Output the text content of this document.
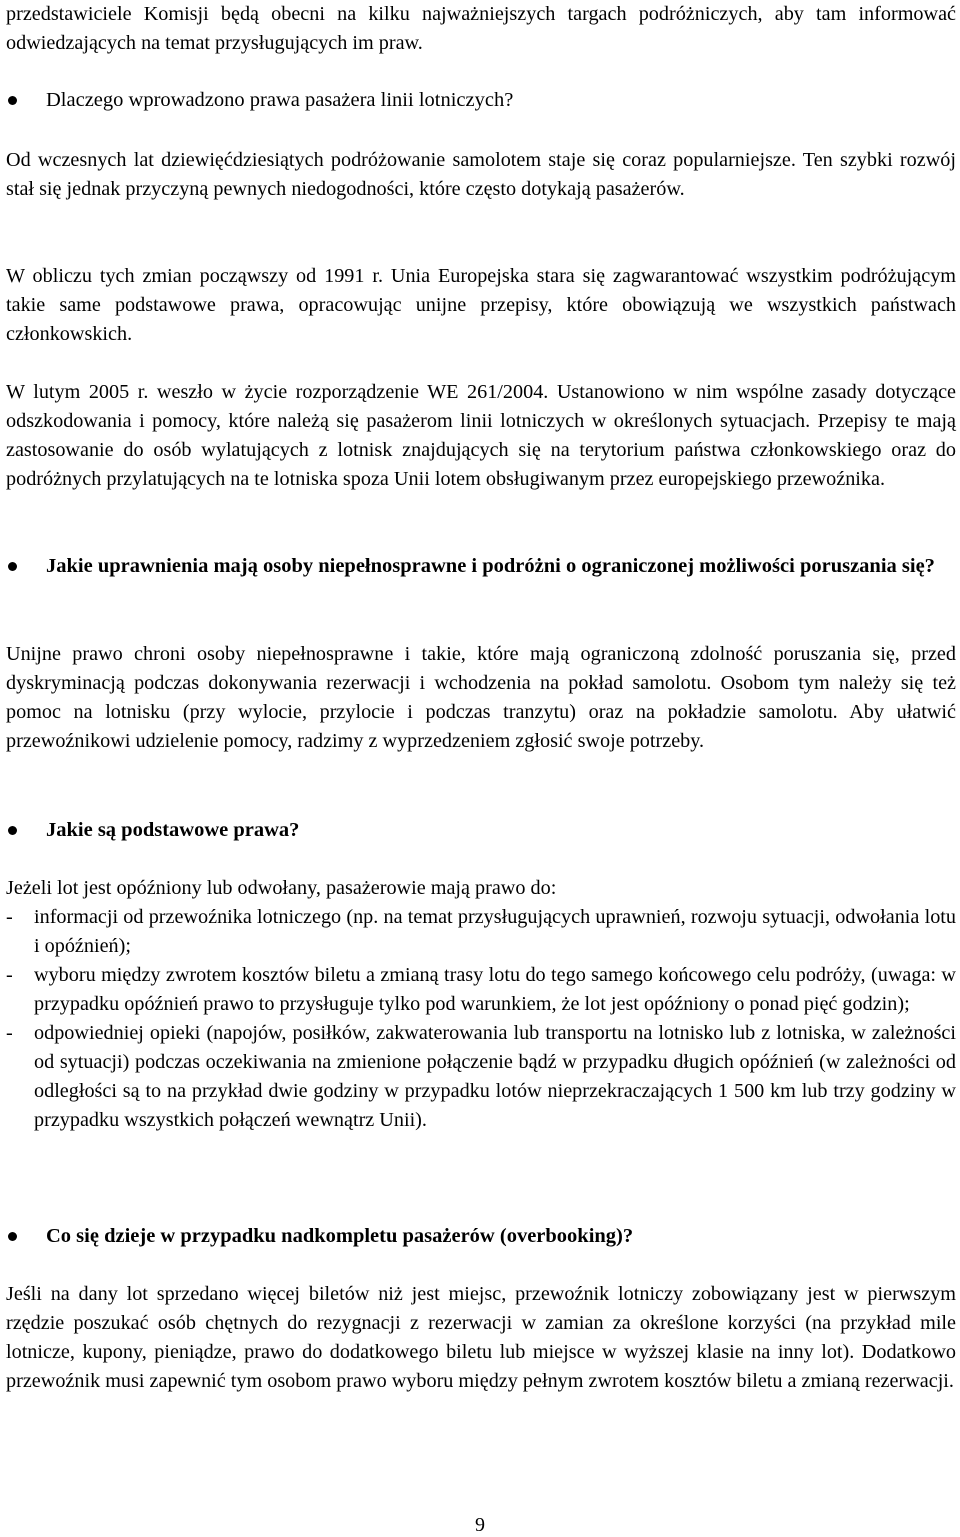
przedstawiciele Komisji będą obecni na kilku najważniejszych targach podróżniczych, aby tam informować odwiedzających na temat przysługujących im praw.

Dlaczego wprowadzono prawa pasażera linii lotniczych?

Od wczesnych lat dziewięćdziesiątych podróżowanie samolotem staje się coraz popularniejsze. Ten szybki rozwój stał się jednak przyczyną pewnych niedogodności, które często dotykają pasażerów.

W obliczu tych zmian począwszy od 1991 r. Unia Europejska stara się zagwarantować wszystkim podróżującym takie same podstawowe prawa, opracowując unijne przepisy, które obowiązują we wszystkich państwach członkowskich.

W lutym 2005 r. weszło w życie rozporządzenie WE 261/2004. Ustanowiono w nim wspólne zasady dotyczące odszkodowania i pomocy, które należą się pasażerom linii lotniczych w określonych sytuacjach. Przepisy te mają zastosowanie do osób wylatujących z lotnisk znajdujących się na terytorium państwa członkowskiego oraz do podróżnych przylatujących na te lotniska spoza Unii lotem obsługiwanym przez europejskiego przewoźnika.

Jakie uprawnienia mają osoby niepełnosprawne i podróżni o ograniczonej możliwości poruszania się?

Unijne prawo chroni osoby niepełnosprawne i takie, które mają ograniczoną zdolność poruszania się, przed dyskryminacją podczas dokonywania rezerwacji i wchodzenia na pokład samolotu. Osobom tym należy się też pomoc na lotnisku (przy wylocie, przylocie i podczas tranzytu) oraz na pokładzie samolotu. Aby ułatwić przewoźnikowi udzielenie pomocy, radzimy z wyprzedzeniem zgłosić swoje potrzeby.

Jakie są podstawowe prawa?

Jeżeli lot jest opóźniony lub odwołany, pasażerowie mają prawo do:

- informacji od przewoźnika lotniczego (np. na temat przysługujących uprawnień, rozwoju sytuacji, odwołania lotu i opóźnień);
- wyboru między zwrotem kosztów biletu a zmianą trasy lotu do tego samego końcowego celu podróży, (uwaga: w przypadku opóźnień prawo to przysługuje tylko pod warunkiem, że lot jest opóźniony o ponad pięć godzin);
- odpowiedniej opieki (napojów, posiłków, zakwaterowania lub transportu na lotnisko lub z lotniska, w zależności od sytuacji) podczas oczekiwania na zmienione połączenie bądź w przypadku długich opóźnień (w zależności od odległości są to na przykład dwie godziny w przypadku lotów nieprzekraczających 1 500 km lub trzy godziny w przypadku wszystkich połączeń wewnątrz Unii).
Co się dzieje w przypadku nadkompletu pasażerów (overbooking)?

Jeśli na dany lot sprzedano więcej biletów niż jest miejsc, przewoźnik lotniczy zobowiązany jest w pierwszym rzędzie poszukać osób chętnych do rezygnacji z rezerwacji w zamian za określone korzyści (na przykład mile lotnicze, kupony, pieniądze, prawo do dodatkowego biletu lub miejsce w wyższej klasie na inny lot). Dodatkowo przewoźnik musi zapewnić tym osobom prawo wyboru między pełnym zwrotem kosztów biletu a zmianą rezerwacji.

9
